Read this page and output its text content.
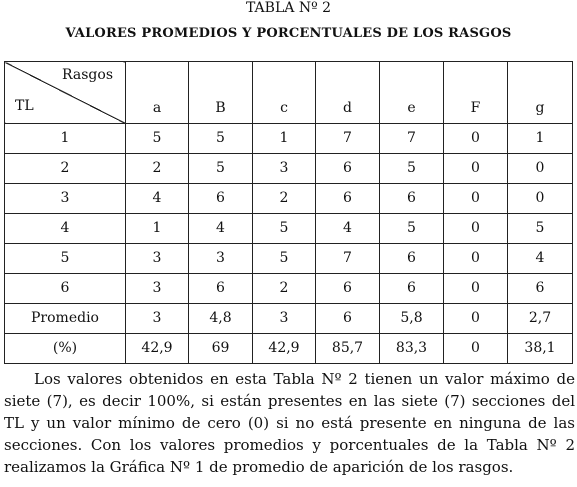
TABLA Nº 2
VALORES PROMEDIOS Y PORCENTUALES DE LOS RASGOS
Rasgos
TL	a	B	c	d	e	F	g
1	5	5	1	7	7	0	1
2	2	5	3	6	5	0	0
3	4	6	2	6	6	0	0
4	1	4	5	4	5	0	5
5	3	3	5	7	6	0	4
6	3	6	2	6	6	0	6
Promedio	3	4,8	3	6	5,8	0	2,7
(%)	42,9	69	42,9	85,7	83,3	0	38,1

Los valores obtenidos en esta Tabla Nº 2 tienen un valor máximo de siete (7), es decir 100%, si están presentes en las siete (7) secciones del TL y un valor mínimo de cero (0) si no está presente en ninguna de las secciones. Con los valores promedios y porcentuales de la Tabla Nº 2 realizamos la Gráfica Nº 1 de promedio de aparición de los rasgos.
